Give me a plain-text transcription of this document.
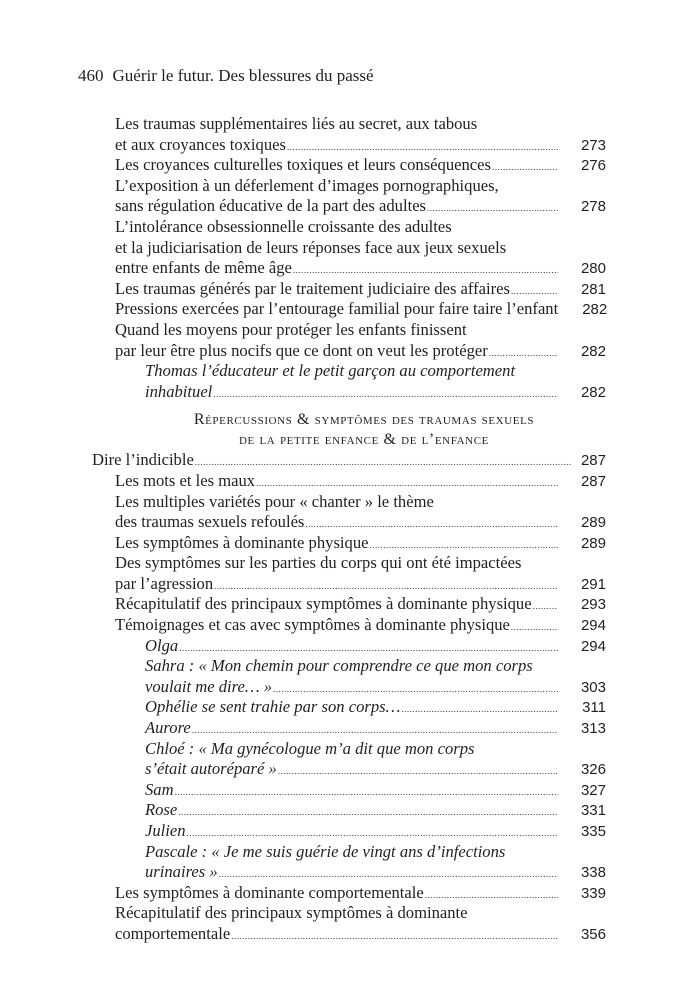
460 Guérir le futur. Des blessures du passé
Les traumas supplémentaires liés au secret, aux tabous
et aux croyances toxiques .....	273
Les croyances culturelles toxiques et leurs conséquences .....	276
L’exposition à un déferlement d’images pornographiques,
sans régulation éducative de la part des adultes .....	278
L’intolérance obsessionnelle croissante des adultes
et la judiciarisation de leurs réponses face aux jeux sexuels
entre enfants de même âge .....	280
Les traumas générés par le traitement judiciaire des affaires .....	281
Pressions exercées par l’entourage familial pour faire taire l’enfant	282
Quand les moyens pour protéger les enfants finissent
par leur être plus nocifs que ce dont on veut les protéger .....	282
Thomas l’éducateur et le petit garçon au comportement
inhabituel .....	282
Répercussions & symptômes des traumas sexuels
de la petite enfance & de l’enfance
Dire l’indicible .....	287
Les mots et les maux .....	287
Les multiples variétés pour « chanter » le thème
des traumas sexuels refoulés .....	289
Les symptômes à dominante physique .....	289
Des symptômes sur les parties du corps qui ont été impactées
par l’agression .....	291
Récapitulatif des principaux symptômes à dominante physique .....	293
Témoignages et cas avec symptômes à dominante physique .....	294
Olga .....	294
Sahra : « Mon chemin pour comprendre ce que mon corps
voulait me dire… » .....	303
Ophélie se sent trahie par son corps… .....	311
Aurore .....	313
Chloé : « Ma gynécologue m’a dit que mon corps
s’était autoréparé » .....	326
Sam .....	327
Rose .....	331
Julien .....	335
Pascale : « Je me suis guérie de vingt ans d’infections
urinaires » .....	338
Les symptômes à dominante comportementale .....	339
Récapitulatif des principaux symptômes à dominante
comportementale .....	356
